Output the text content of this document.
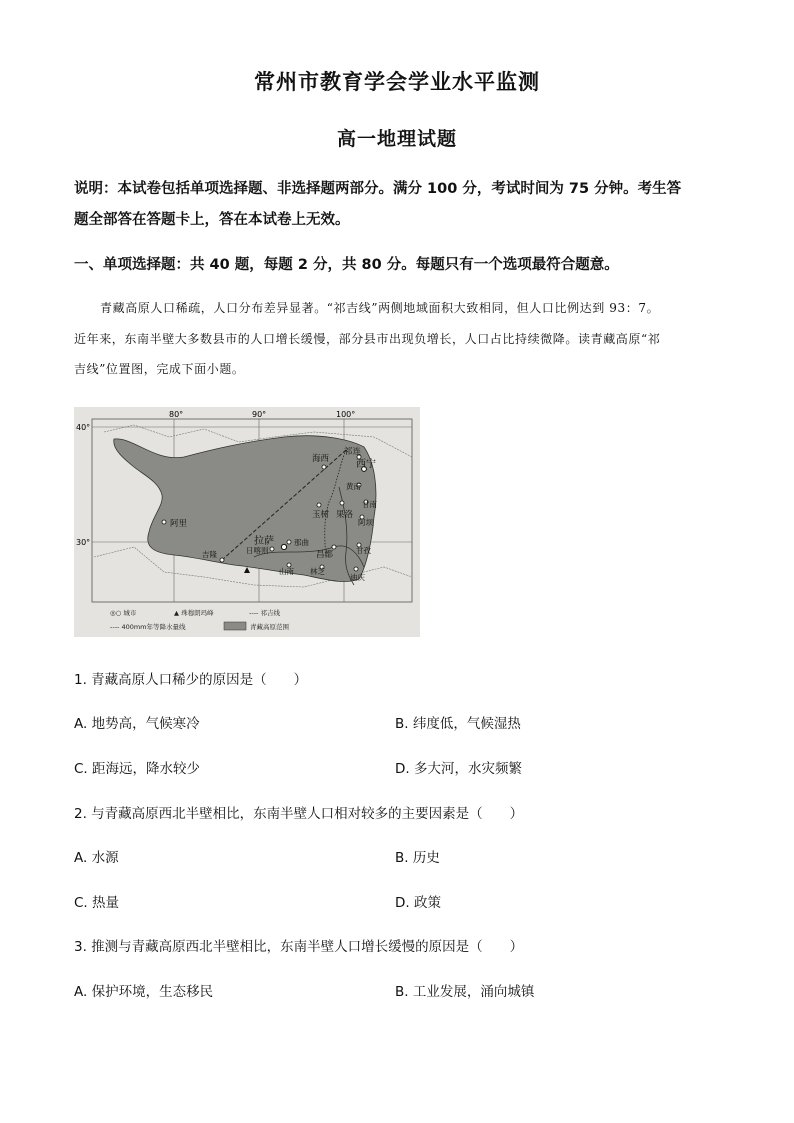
常州市教育学会学业水平监测
高一地理试题
说明：本试卷包括单项选择题、非选择题两部分。满分 100 分，考试时间为 75 分钟。考生答
题全部答在答题卡上，答在本试卷上无效。
一、单项选择题：共 40 题，每题 2 分，共 80 分。每题只有一个选项最符合题意。
青藏高原人口稀疏，人口分布差异显著。“祁吉线”两侧地域面积大致相同，但人口比例达到 93：7。
近年来，东南半壁大多数县市的人口增长缓慢，部分县市出现负增长，人口占比持续微降。读青藏高原“祁
吉线”位置图，完成下面小题。
80°	90°	100°
40°
30°
海西
祁连
西宁
黄南
甘南
玉树 果洛
阿坝
阿里
日喀则
拉萨	那曲
昌都	甘孜
山南 林芝
迪庆
吉隆
◎○ 城市	▲ 珠穆朗玛峰	---- 祁吉线
---- 400mm年等降水量线	青藏高原范围
1. 青藏高原人口稀少的原因是（　　）
A. 地势高，气候寒冷	B. 纬度低，气候湿热
C. 距海远，降水较少	D. 多大河，水灾频繁
2. 与青藏高原西北半壁相比，东南半壁人口相对较多的主要因素是（　　）
A. 水源	B. 历史
C. 热量	D. 政策
3. 推测与青藏高原西北半壁相比，东南半壁人口增长缓慢的原因是（　　）
A. 保护环境，生态移民	B. 工业发展，涌向城镇
